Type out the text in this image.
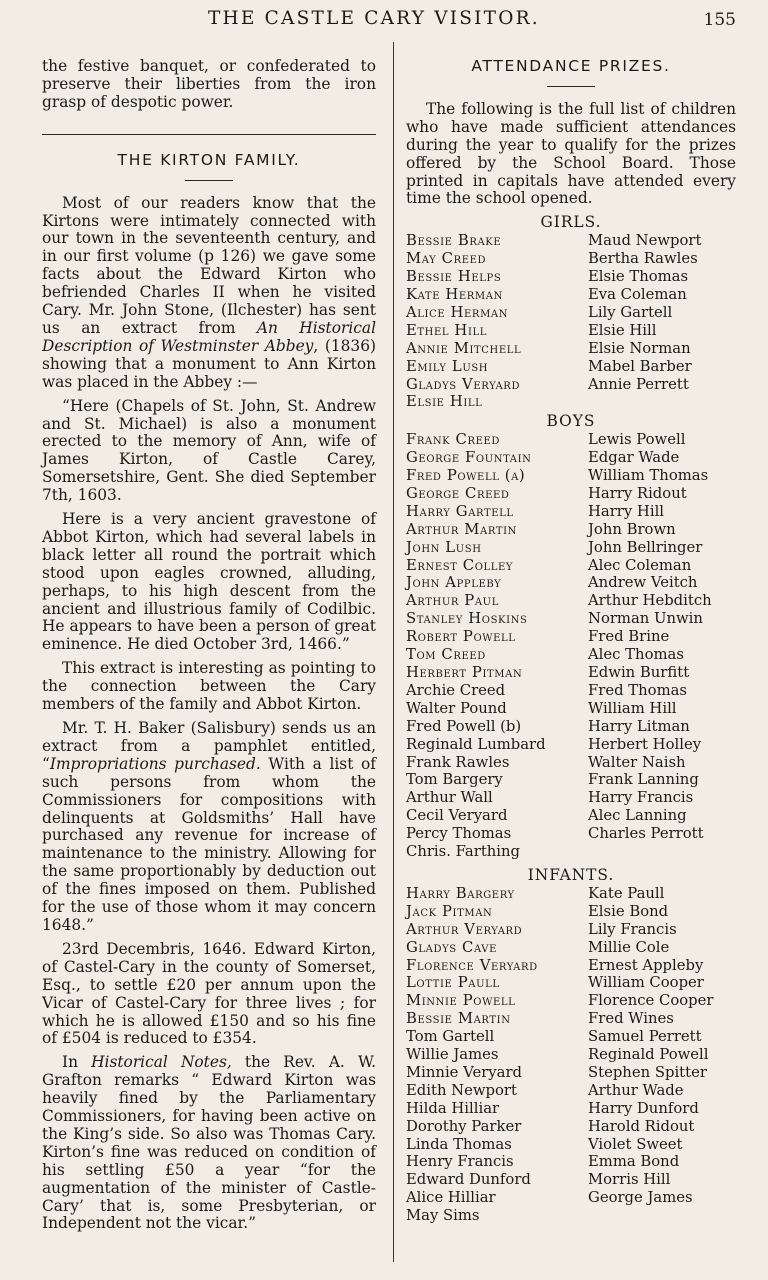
THE CASTLE CARY VISITOR.	155

the festive banquet, or confederated to preserve their liberties from the iron grasp of despotic power.

THE KIRTON FAMILY.

Most of our readers know that the Kirtons were intimately connected with our town in the seventeenth century, and in our first volume (p 126) we gave some facts about the Edward Kirton who befriended Charles II when he visited Cary. Mr. John Stone, (Ilchester) has sent us an extract from An Historical Description of Westminster Abbey, (1836) showing that a monument to Ann Kirton was placed in the Abbey :—

“Here (Chapels of St. John, St. Andrew and St. Michael) is also a monument erected to the memory of Ann, wife of James Kirton, of Castle Carey, Somersetshire, Gent. She died September 7th, 1603.

Here is a very ancient gravestone of Abbot Kirton, which had several labels in black letter all round the portrait which stood upon eagles crowned, alluding, perhaps, to his high descent from the ancient and illustrious family of Codilbic. He appears to have been a person of great eminence. He died October 3rd, 1466.”

This extract is interesting as pointing to the connection between the Cary members of the family and Abbot Kirton.

Mr. T. H. Baker (Salisbury) sends us an extract from a pamphlet entitled, “Impropriations purchased. With a list of such persons from whom the Commissioners for compositions with delinquents at Goldsmiths’ Hall have purchased any revenue for increase of maintenance to the ministry. Allowing for the same proportionably by deduction out of the fines imposed on them. Published for the use of those whom it may concern 1648.”

23rd Decembris, 1646. Edward Kirton, of Castel-Cary in the county of Somerset, Esq., to settle £20 per annum upon the Vicar of Castel-Cary for three lives ; for which he is allowed £150 and so his fine of £504 is reduced to £354.

In Historical Notes, the Rev. A. W. Grafton remarks “ Edward Kirton was heavily fined by the Parliamentary Commissioners, for having been active on the King’s side. So also was Thomas Cary. Kirton’s fine was reduced on condition of his settling £50 a year “for the augmentation of the minister of Castle-Cary’ that is, some Presbyterian, or Independent not the vicar.”

ATTENDANCE PRIZES.

The following is the full list of children who have made sufficient attendances during the year to qualify for the prizes offered by the School Board. Those printed in capitals have attended every time the school opened.

GIRLS.
Bessie Brake	Maud Newport
May Creed	Bertha Rawles
Bessie Helps	Elsie Thomas
Kate Herman	Eva Coleman
Alice Herman	Lily Gartell
Ethel Hill	Elsie Hill
Annie Mitchell	Elsie Norman
Emily Lush	Mabel Barber
Gladys Veryard	Annie Perrett
Elsie Hill

BOYS
Frank Creed	Lewis Powell
George Fountain	Edgar Wade
Fred Powell (a)	William Thomas
George Creed	Harry Ridout
Harry Gartell	Harry Hill
Arthur Martin	John Brown
John Lush	John Bellringer
Ernest Colley	Alec Coleman
John Appleby	Andrew Veitch
Arthur Paul	Arthur Hebditch
Stanley Hoskins	Norman Unwin
Robert Powell	Fred Brine
Tom Creed	Alec Thomas
Herbert Pitman	Edwin Burfitt
Archie Creed	Fred Thomas
Walter Pound	William Hill
Fred Powell (b)	Harry Litman
Reginald Lumbard	Herbert Holley
Frank Rawles	Walter Naish
Tom Bargery	Frank Lanning
Arthur Wall	Harry Francis
Cecil Veryard	Alec Lanning
Percy Thomas	Charles Perrott
Chris. Farthing

INFANTS.
Harry Bargery	Kate Paull
Jack Pitman	Elsie Bond
Arthur Veryard	Lily Francis
Gladys Cave	Millie Cole
Florence Veryard	Ernest Appleby
Lottie Paull	William Cooper
Minnie Powell	Florence Cooper
Bessie Martin	Fred Wines
Tom Gartell	Samuel Perrett
Willie James	Reginald Powell
Minnie Veryard	Stephen Spitter
Edith Newport	Arthur Wade
Hilda Hilliar	Harry Dunford
Dorothy Parker	Harold Ridout
Linda Thomas	Violet Sweet
Henry Francis	Emma Bond
Edward Dunford	Morris Hill
Alice Hilliar	George James
May Sims
